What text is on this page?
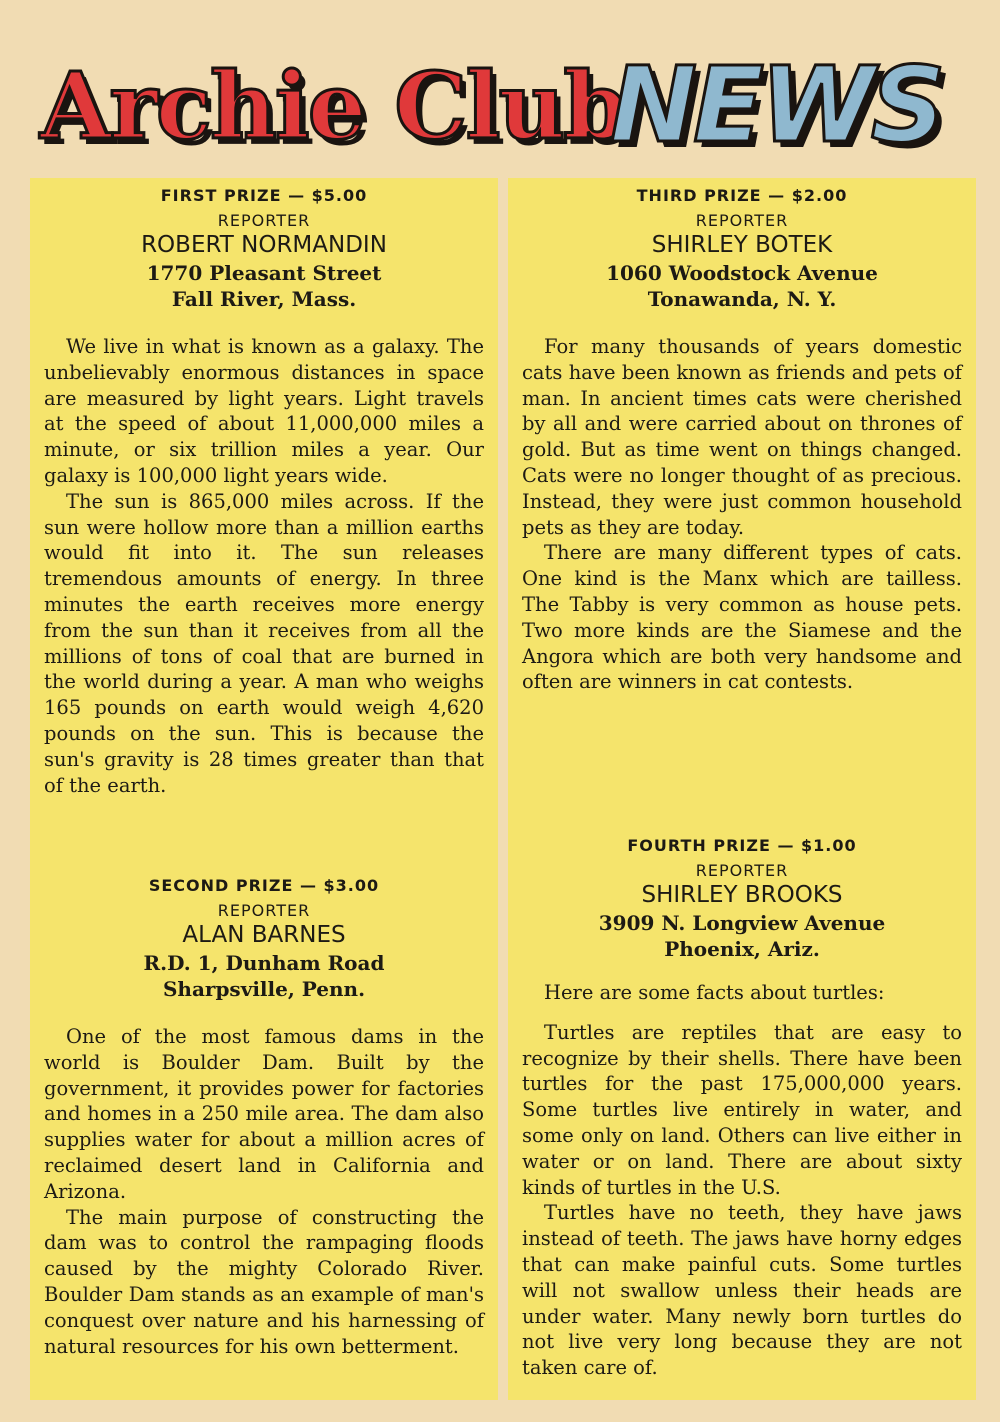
Archie Club
NEWS
FIRST PRIZE — $5.00
REPORTER
ROBERT NORMANDIN
1770 Pleasant Street
Fall River, Mass.

We live in what is known as a galaxy. The unbelievably enormous distances in space are measured by light years. Light travels at the speed of about 11,000,000 miles a minute, or six trillion miles a year. Our galaxy is 100,000 light years wide.

The sun is 865,000 miles across. If the sun were hollow more than a million earths would fit into it. The sun releases tremendous amounts of energy. In three minutes the earth receives more energy from the sun than it receives from all the millions of tons of coal that are burned in the world during a year. A man who weighs 165 pounds on earth would weigh 4,620 pounds on the sun. This is because the sun's gravity is 28 times greater than that of the earth.

SECOND PRIZE — $3.00
REPORTER
ALAN BARNES
R.D. 1, Dunham Road
Sharpsville, Penn.

One of the most famous dams in the world is Boulder Dam. Built by the government, it provides power for factories and homes in a 250 mile area. The dam also supplies water for about a million acres of reclaimed desert land in California and Arizona.

The main purpose of constructing the dam was to control the rampaging floods caused by the mighty Colorado River. Boulder Dam stands as an example of man's conquest over nature and his harnessing of natural resources for his own betterment.

THIRD PRIZE — $2.00
REPORTER
SHIRLEY BOTEK
1060 Woodstock Avenue
Tonawanda, N. Y.

For many thousands of years domestic cats have been known as friends and pets of man. In ancient times cats were cherished by all and were carried about on thrones of gold. But as time went on things changed. Cats were no longer thought of as precious. Instead, they were just common household pets as they are today.

There are many different types of cats. One kind is the Manx which are tailless. The Tabby is very common as house pets. Two more kinds are the Siamese and the Angora which are both very handsome and often are winners in cat contests.

FOURTH PRIZE — $1.00
REPORTER
SHIRLEY BROOKS
3909 N. Longview Avenue
Phoenix, Ariz.

Here are some facts about turtles:

Turtles are reptiles that are easy to recognize by their shells. There have been turtles for the past 175,000,000 years. Some turtles live entirely in water, and some only on land. Others can live either in water or on land. There are about sixty kinds of turtles in the U.S.

Turtles have no teeth, they have jaws instead of teeth. The jaws have horny edges that can make painful cuts. Some turtles will not swallow unless their heads are under water. Many newly born turtles do not live very long because they are not taken care of.
